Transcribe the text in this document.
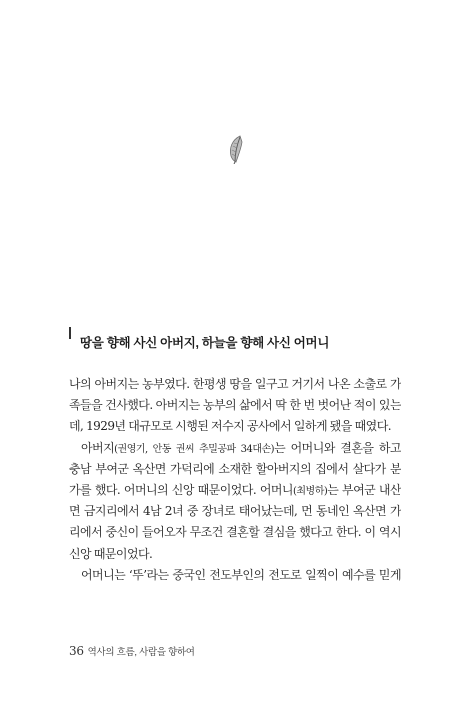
땅을 향해 사신 아버지, 하늘을 향해 사신 어머니
나의 아버지는 농부였다. 한평생 땅을 일구고 거기서 나온 소출로 가
족들을 건사했다. 아버지는 농부의 삶에서 딱 한 번 벗어난 적이 있는
데, 1929년 대규모로 시행된 저수지 공사에서 일하게 됐을 때였다.
아버지(권영기, 안동 권씨 추밀공파 34대손)는 어머니와 결혼을 하고
충남 부여군 옥산면 가덕리에 소재한 할아버지의 집에서 살다가 분
가를 했다. 어머니의 신앙 때문이었다. 어머니(최병하)는 부여군 내산
면 금지리에서 4남 2녀 중 장녀로 태어났는데, 먼 동네인 옥산면 가
리에서 중신이 들어오자 무조건 결혼할 결심을 했다고 한다. 이 역시
신앙 때문이었다.
어머니는 ‘뚜’라는 중국인 전도부인의 전도로 일찍이 예수를 믿게
36 역사의 흐름, 사람을 향하여
